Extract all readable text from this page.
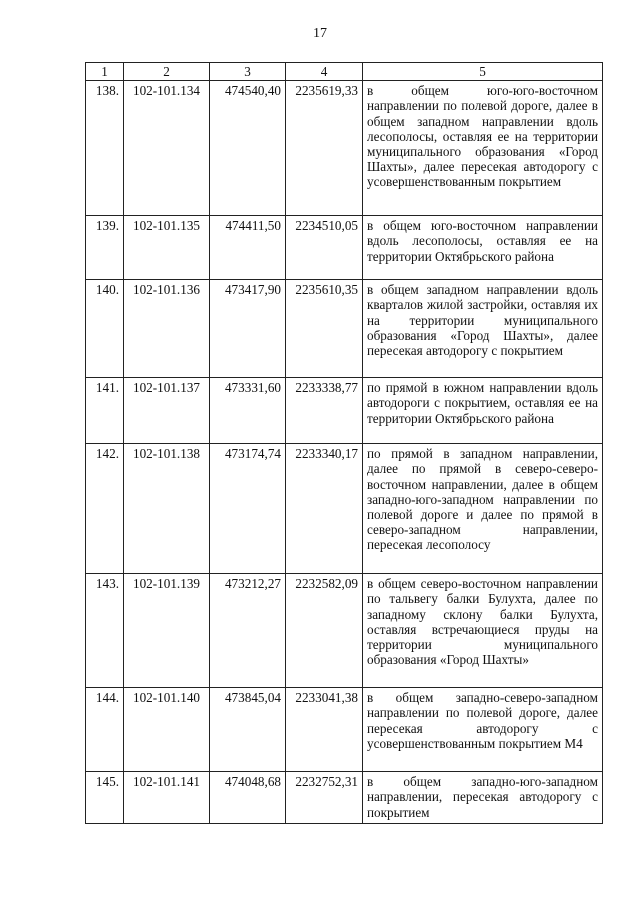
17
1	2	3	4	5
138.	102-101.134	474540,40	2235619,33	в общем юго-юго-восточном направлении по полевой дороге, далее в общем западном направлении вдоль лесополосы, оставляя ее на территории муниципального образования «Город Шахты», далее пересекая автодорогу с усовершенствованным покрытием
139.	102-101.135	474411,50	2234510,05	в общем юго-восточном направлении вдоль лесополосы, оставляя ее на территории Октябрьского района
140.	102-101.136	473417,90	2235610,35	в общем западном направлении вдоль кварталов жилой застройки, оставляя их на территории муниципального образования «Город Шахты», далее пересекая автодорогу с покрытием
141.	102-101.137	473331,60	2233338,77	по прямой в южном направлении вдоль автодороги с покрытием, оставляя ее на территории Октябрьского района
142.	102-101.138	473174,74	2233340,17	по прямой в западном направлении, далее по прямой в северо-северо-восточном направлении, далее в общем западно-юго-западном направлении по полевой дороге и далее по прямой в северо-западном направлении, пересекая лесополосу
143.	102-101.139	473212,27	2232582,09	в общем северо-восточном направлении по тальвегу балки Булухта, далее по западному склону балки Булухта, оставляя встречающиеся пруды на территории муниципального образования «Город Шахты»
144.	102-101.140	473845,04	2233041,38	в общем западно-северо-западном направлении по полевой дороге, далее пересекая автодорогу с усовершенствованным покрытием М4
145.	102-101.141	474048,68	2232752,31	в общем западно-юго-западном направлении, пересекая автодорогу с покрытием
